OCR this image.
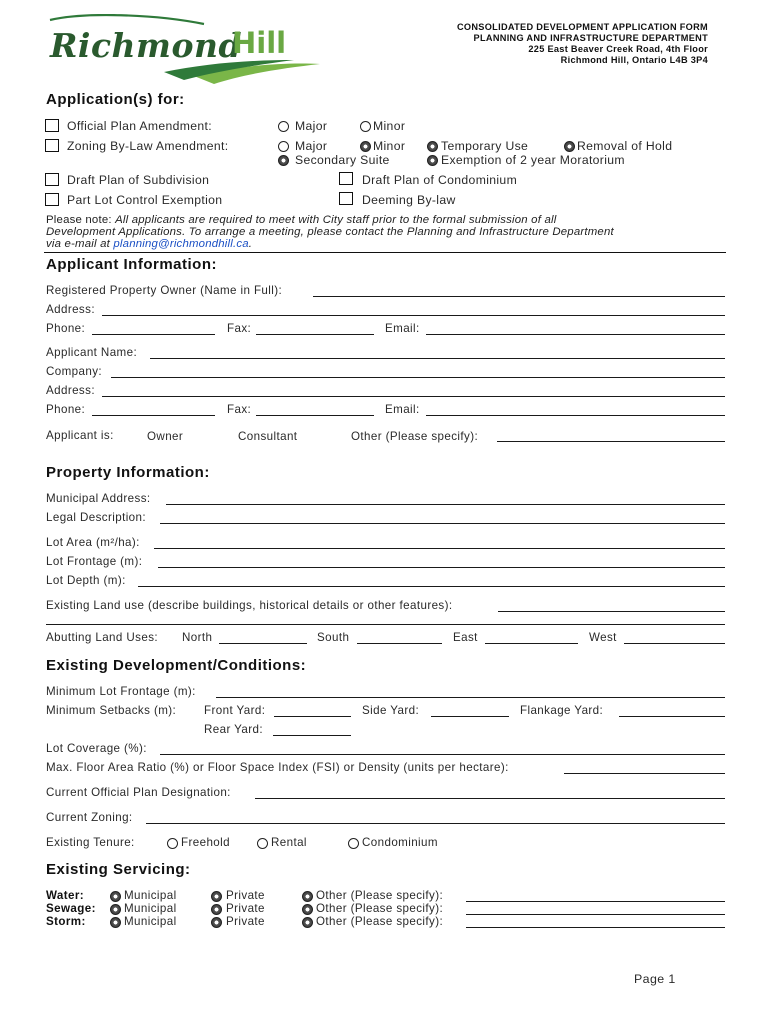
Richmond
Hill	CONSOLIDATED DEVELOPMENT APPLICATION FORM
PLANNING AND INFRASTRUCTURE DEPARTMENT
225 East Beaver Creek Road, 4th Floor
Richmond Hill, Ontario L4B 3P4
Application(s) for:
Official Plan Amendment:	Major	Minor
Zoning By-Law Amendment:	Major	Minor	Temporary Use	Removal of Hold
Secondary Suite	Exemption of 2 year Moratorium
Draft Plan of Subdivision	Draft Plan of Condominium
Part Lot Control Exemption	Deeming By-law
Please note: All applicants are required to meet with City staff prior to the formal submission of all
Development Applications. To arrange a meeting, please contact the Planning and Infrastructure Department
via e-mail at planning@richmondhill.ca.
Applicant Information:
Registered Property Owner (Name in Full):
Address:
Phone:	Fax:	Email:
Applicant Name:
Company:
Address:
Phone:	Fax:	Email:
Applicant is:	Owner	Consultant	Other (Please specify):
Property Information:
Municipal Address:
Legal Description:
Lot Area (m²/ha):
Lot Frontage (m):
Lot Depth (m):
Existing Land use (describe buildings, historical details or other features):
Abutting Land Uses: North	South	East	West
Existing Development/Conditions:
Minimum Lot Frontage (m):
Minimum Setbacks (m): Front Yard:	Side Yard:	Flankage Yard:
Rear Yard:
Lot Coverage (%):
Max. Floor Area Ratio (%) or Floor Space Index (FSI) or Density (units per hectare):
Current Official Plan Designation:
Current Zoning:
Existing Tenure:	Freehold	Rental	Condominium
Existing Servicing:
Water:	Municipal	Private	Other (Please specify):
Sewage: Municipal	Private	Other (Please specify):
Storm:	Municipal	Private	Other (Please specify):
Page 1
